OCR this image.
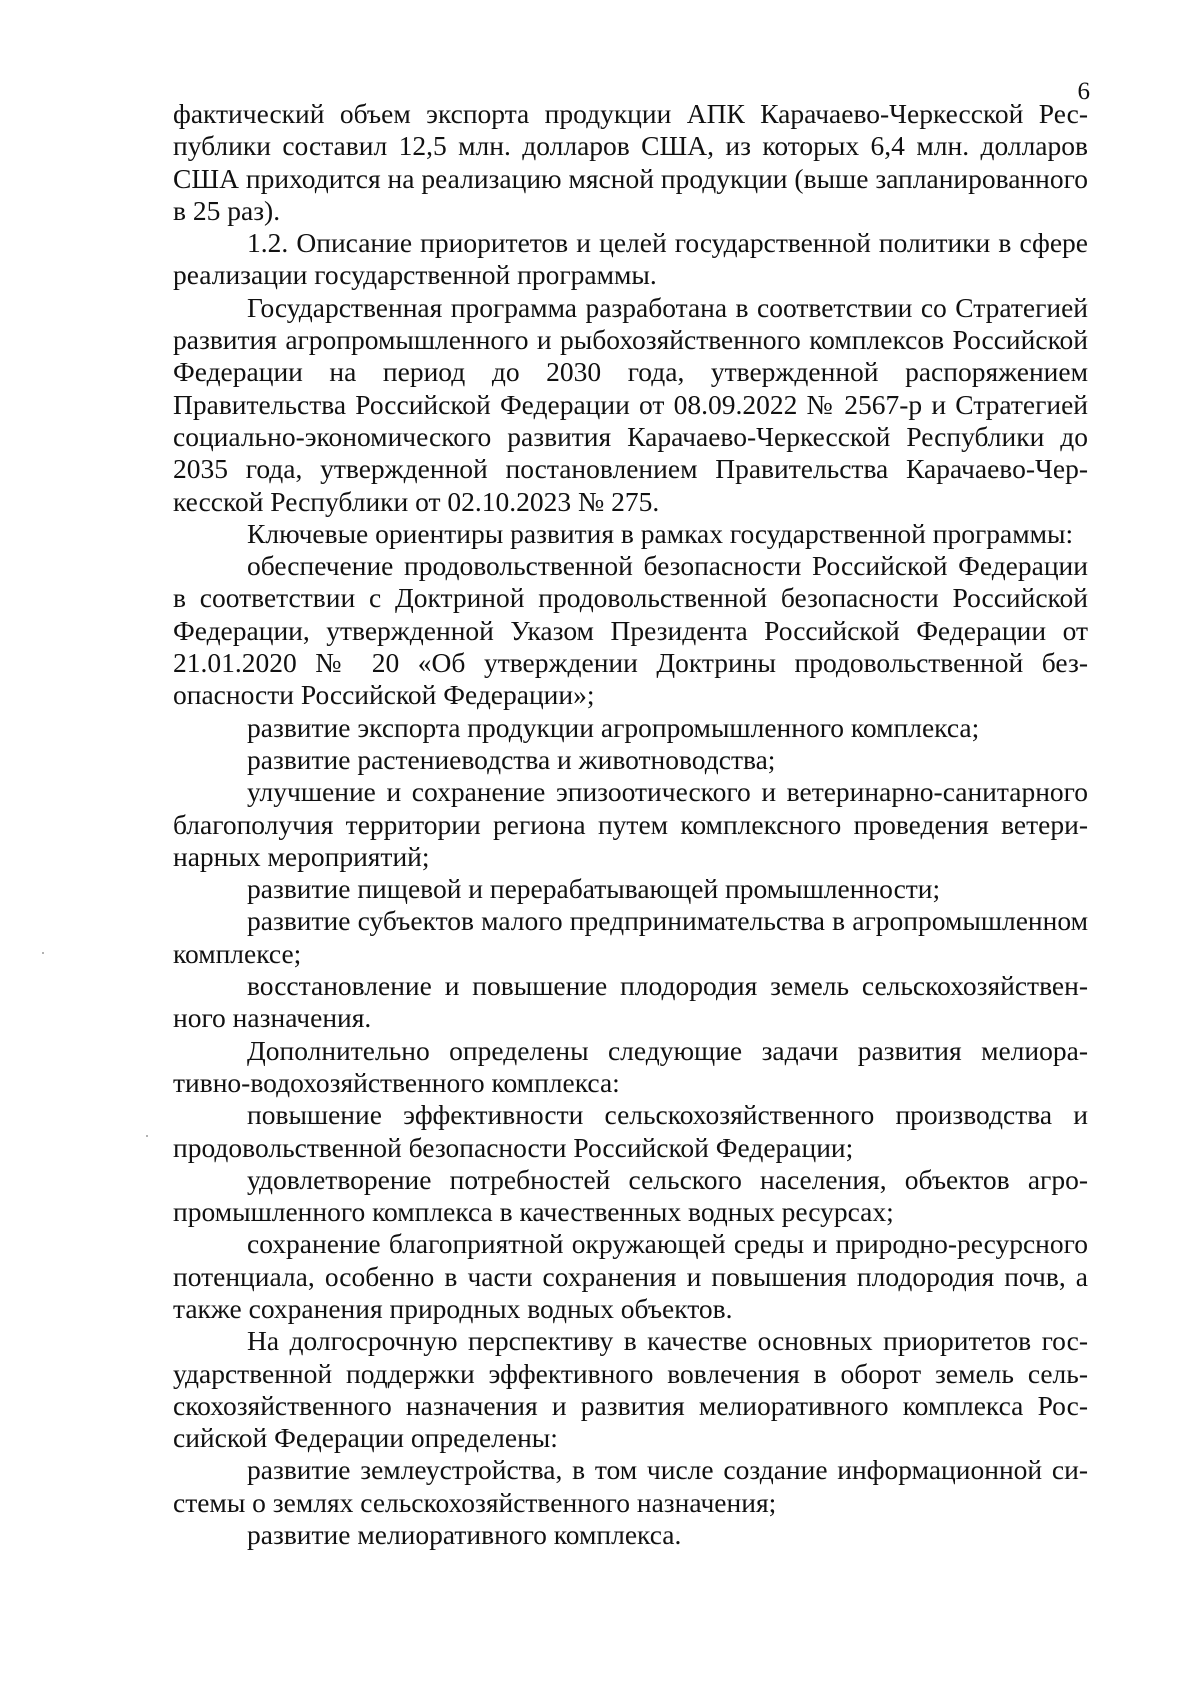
6

фактический объем экспорта продукции АПК Карачаево-Черкесской Республики составил 12,5 млн. долларов США, из которых 6,4 млн. долларов США приходится на реализацию мясной продукции (выше запланированного в 25 раз).

1.2. Описание приоритетов и целей государственной политики в сфере реализации государственной программы.

Государственная программа разработана в соответствии со Стратегией развития агропромышленного и рыбохозяйственного комплексов Российской Федерации на период до 2030 года, утвержденной распоряжением Правительства Российской Федерации от 08.09.2022 № 2567-р и Стратегией социально-экономического развития Карачаево-Черкесской Республики до 2035 года, утвержденной постановлением Правительства Карачаево-Черкесской Республики от 02.10.2023 № 275.

Ключевые ориентиры развития в рамках государственной программы:

обеспечение продовольственной безопасности Российской Федерации в соответствии с Доктриной продовольственной безопасности Российской Федерации, утвержденной Указом Президента Российской Федерации от 21.01.2020 № 20 «Об утверждении Доктрины продовольственной безопасности Российской Федерации»;

развитие экспорта продукции агропромышленного комплекса;

развитие растениеводства и животноводства;

улучшение и сохранение эпизоотического и ветеринарно-санитарного благополучия территории региона путем комплексного проведения ветеринарных мероприятий;

развитие пищевой и перерабатывающей промышленности;

развитие субъектов малого предпринимательства в агропромышленном комплексе;

восстановление и повышение плодородия земель сельскохозяйственного назначения.

Дополнительно определены следующие задачи развития мелиоративно-водохозяйственного комплекса:

повышение эффективности сельскохозяйственного производства и продовольственной безопасности Российской Федерации;

удовлетворение потребностей сельского населения, объектов агропромышленного комплекса в качественных водных ресурсах;

сохранение благоприятной окружающей среды и природно-ресурсного потенциала, особенно в части сохранения и повышения плодородия почв, а также сохранения природных водных объектов.

На долгосрочную перспективу в качестве основных приоритетов государственной поддержки эффективного вовлечения в оборот земель сельскохозяйственного назначения и развития мелиоративного комплекса Российской Федерации определены:

развитие землеустройства, в том числе создание информационной системы о землях сельскохозяйственного назначения;

развитие мелиоративного комплекса.
